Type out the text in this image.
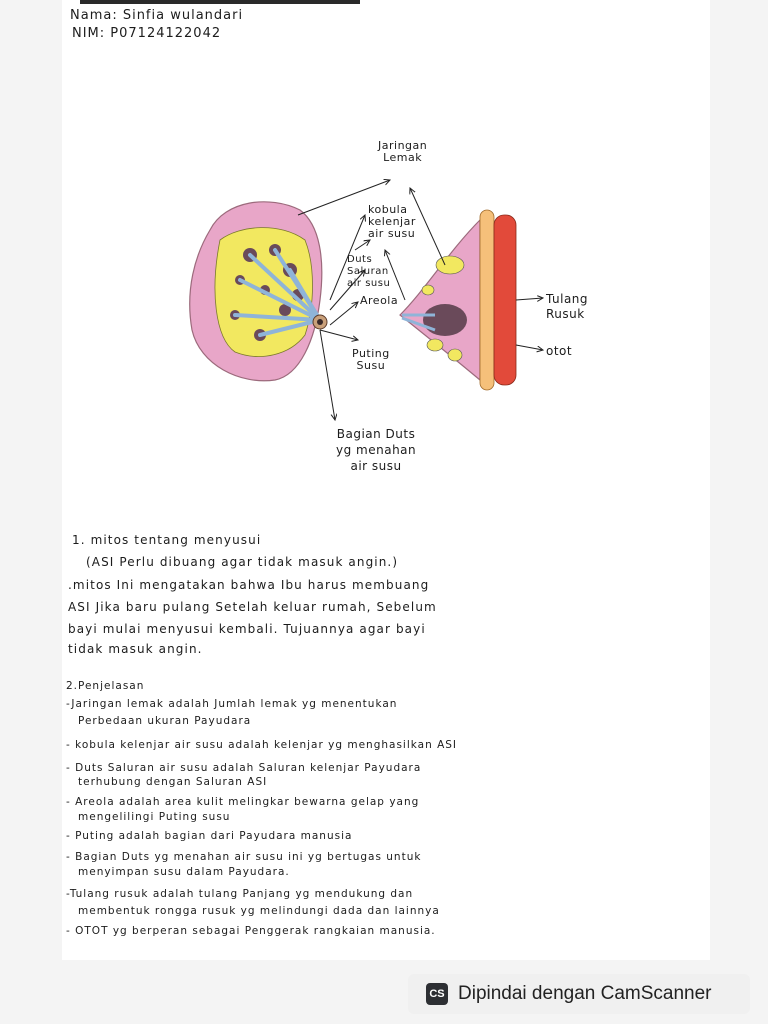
Nama: Sinfia wulandari
NIM: P07124122042
Jaringan
Lemak
kobula
kelenjar
air susu
Duts
Saluran
air susu
Areola
Puting
Susu
Bagian Duts
yg menahan
air susu
Tulang
Rusuk
otot
1. mitos tentang menyusui
(ASI Perlu dibuang agar tidak masuk angin.)
.mitos Ini mengatakan bahwa Ibu harus membuang
ASI Jika baru pulang Setelah keluar rumah, Sebelum
bayi mulai menyusui kembali. Tujuannya agar bayi
tidak masuk angin.
2.Penjelasan
-Jaringan lemak adalah Jumlah lemak yg menentukan
Perbedaan ukuran Payudara
- kobula kelenjar air susu adalah kelenjar yg menghasilkan ASI
- Duts Saluran air susu adalah Saluran kelenjar Payudara
terhubung dengan Saluran ASI
- Areola adalah area kulit melingkar bewarna gelap yang
mengelilingi Puting susu
- Puting adalah bagian dari Payudara manusia
- Bagian Duts yg menahan air susu ini yg bertugas untuk
menyimpan susu dalam Payudara.
-Tulang rusuk adalah tulang Panjang yg mendukung dan
membentuk rongga rusuk yg melindungi dada dan lainnya
- OTOT yg berperan sebagai Penggerak rangkaian manusia.
CS Dipindai dengan CamScanner
